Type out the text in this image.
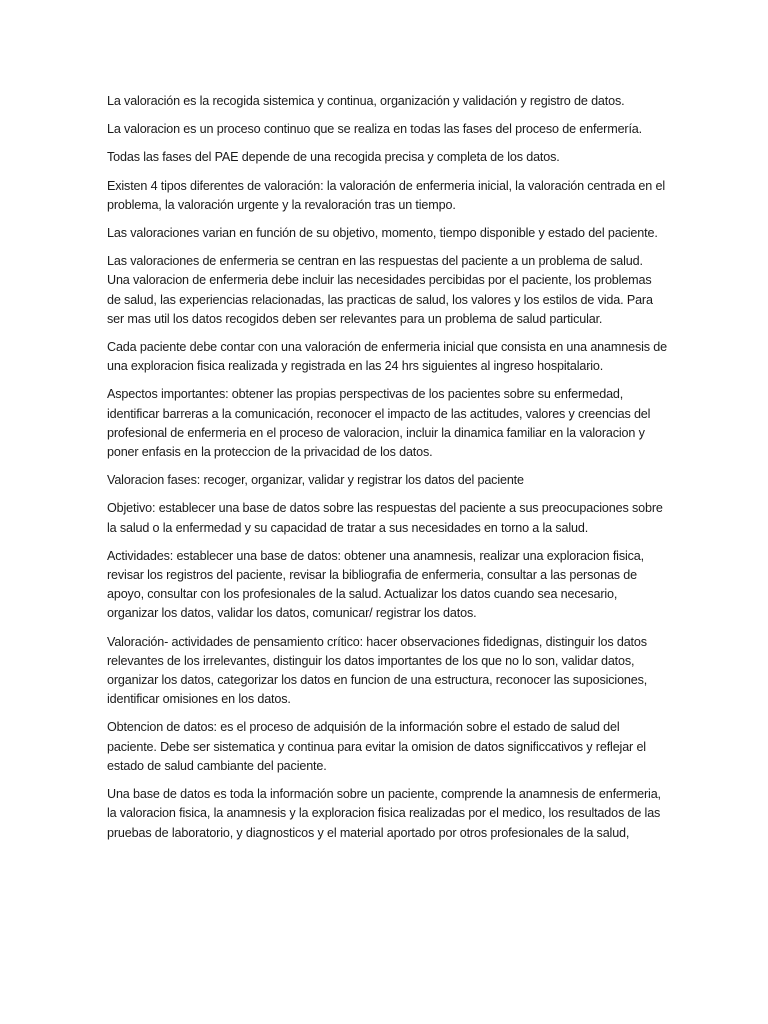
La valoración es la recogida sistemica y continua, organización y validación y registro de datos.

La valoracion es un proceso continuo que se realiza en todas las fases del proceso de enfermería.

Todas las fases del PAE depende de una recogida precisa y completa de los datos.

Existen 4 tipos diferentes de valoración: la valoración de enfermeria inicial, la valoración centrada en el problema, la valoración urgente y la revaloración tras un tiempo.

Las valoraciones varian en función de su objetivo, momento, tiempo disponible y estado del paciente.

Las valoraciones de enfermeria se centran en las respuestas del paciente a un problema de salud. Una valoracion de enfermeria debe incluir las necesidades percibidas por el paciente, los problemas de salud, las experiencias relacionadas, las practicas de salud, los valores y los estilos de vida. Para ser mas util los datos recogidos deben ser relevantes para un problema de salud particular.

Cada paciente debe contar con una valoración de enfermeria inicial que consista en una anamnesis de una exploracion fisica realizada y registrada en las 24 hrs siguientes al ingreso hospitalario.

Aspectos importantes: obtener las propias perspectivas de los pacientes sobre su enfermedad, identificar barreras a la comunicación, reconocer el impacto de las actitudes, valores y creencias del profesional de enfermeria en el proceso de valoracion, incluir la dinamica familiar en la valoracion y poner enfasis en la proteccion de la privacidad de los datos.

Valoracion fases: recoger, organizar, validar y registrar los datos del paciente

Objetivo: establecer una base de datos sobre las respuestas del paciente a sus preocupaciones sobre la salud o la enfermedad y su capacidad de tratar a sus necesidades en torno a la salud.

Actividades: establecer una base de datos: obtener una anamnesis, realizar una exploracion fisica, revisar los registros del paciente, revisar la bibliografia de enfermeria, consultar a las personas de apoyo, consultar con los profesionales de la salud. Actualizar los datos cuando sea necesario, organizar los datos, validar los datos, comunicar/ registrar los datos.

Valoración- actividades de pensamiento crítico: hacer observaciones fidedignas, distinguir los datos relevantes de los irrelevantes, distinguir los datos importantes de los que no lo son, validar datos, organizar los datos, categorizar los datos en funcion de una estructura, reconocer las suposiciones, identificar omisiones en los datos.

Obtencion de datos: es el proceso de adquisión de la información sobre el estado de salud del paciente. Debe ser sistematica y continua para evitar la omision de datos significcativos y reflejar el estado de salud cambiante del paciente.

Una base de datos es toda la información sobre un paciente, comprende la anamnesis de enfermeria, la valoracion fisica, la anamnesis y la exploracion fisica realizadas por el medico, los resultados de las pruebas de laboratorio, y diagnosticos y el material aportado por otros profesionales de la salud,
